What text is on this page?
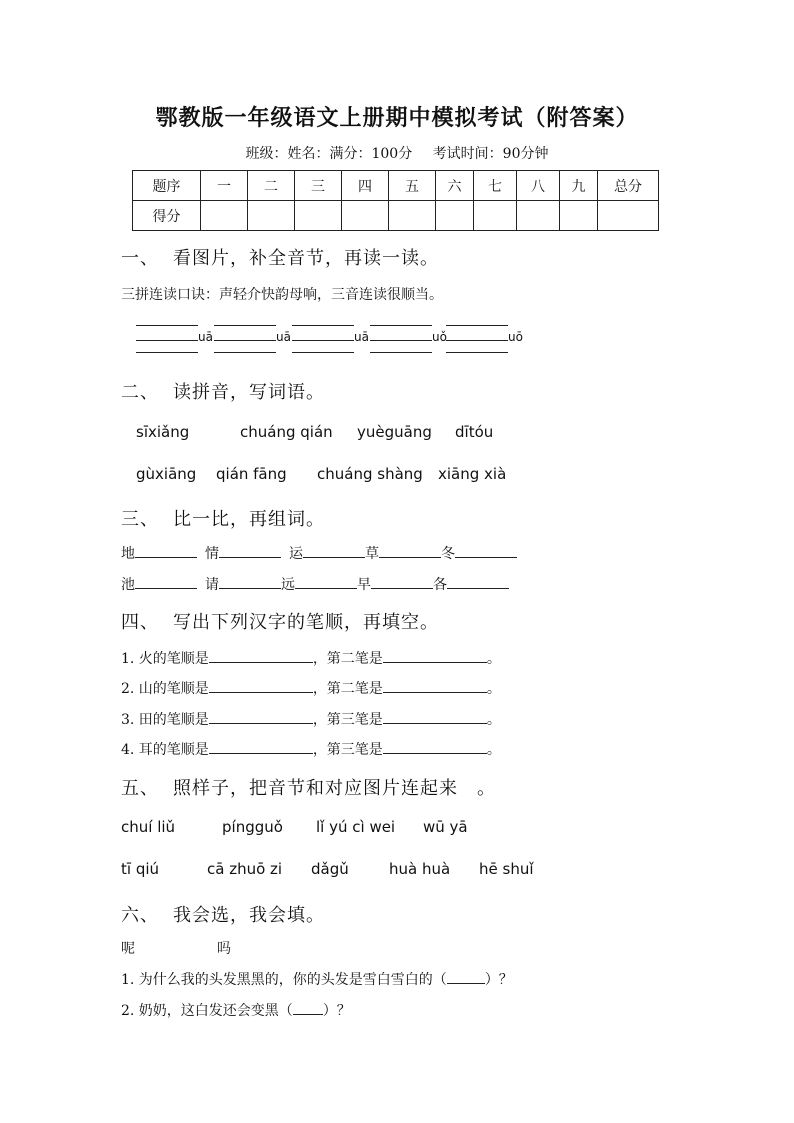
鄂教版一年级语文上册期中模拟考试（附答案）
班级：姓名：满分：100分 考试时间：90分钟
题序	一	二	三	四	五	六	七	八	九	总分
得分										
一、 看图片，补全音节，再读一读。
三拼连读口诀：声轻介快韵母响，三音连读很顺当。
uā	uā	uā	uǒ	uō
二、 读拼音，写词语。
sīxiǎng	chuáng qián yuèguāng dītóu
gùxiāng qián fāng chuáng shàng xiāng xià
三、 比一比，再组词。
地	情	运	草	冬
池	请	远	早	各
四、 写出下列汉字的笔顺，再填空。
1. 火的笔顺是	，第二笔是	。
2. 山的笔顺是	，第二笔是	。
3. 田的笔顺是	，第三笔是	。
4. 耳的笔顺是	，第三笔是	。
五、 照样子，把音节和对应图片连起来　。
chuí liǔ	píngguǒ lǐ yú cì wei wū yā
tī qiú	cā zhuō zi dǎgǔ	huà huà hē shuǐ
六、 我会选，我会填。
呢	吗
1. 为什么我的头发黑黑的，你的头发是雪白雪白的（	）？
2. 奶奶，这白发还会变黑（ ）？
